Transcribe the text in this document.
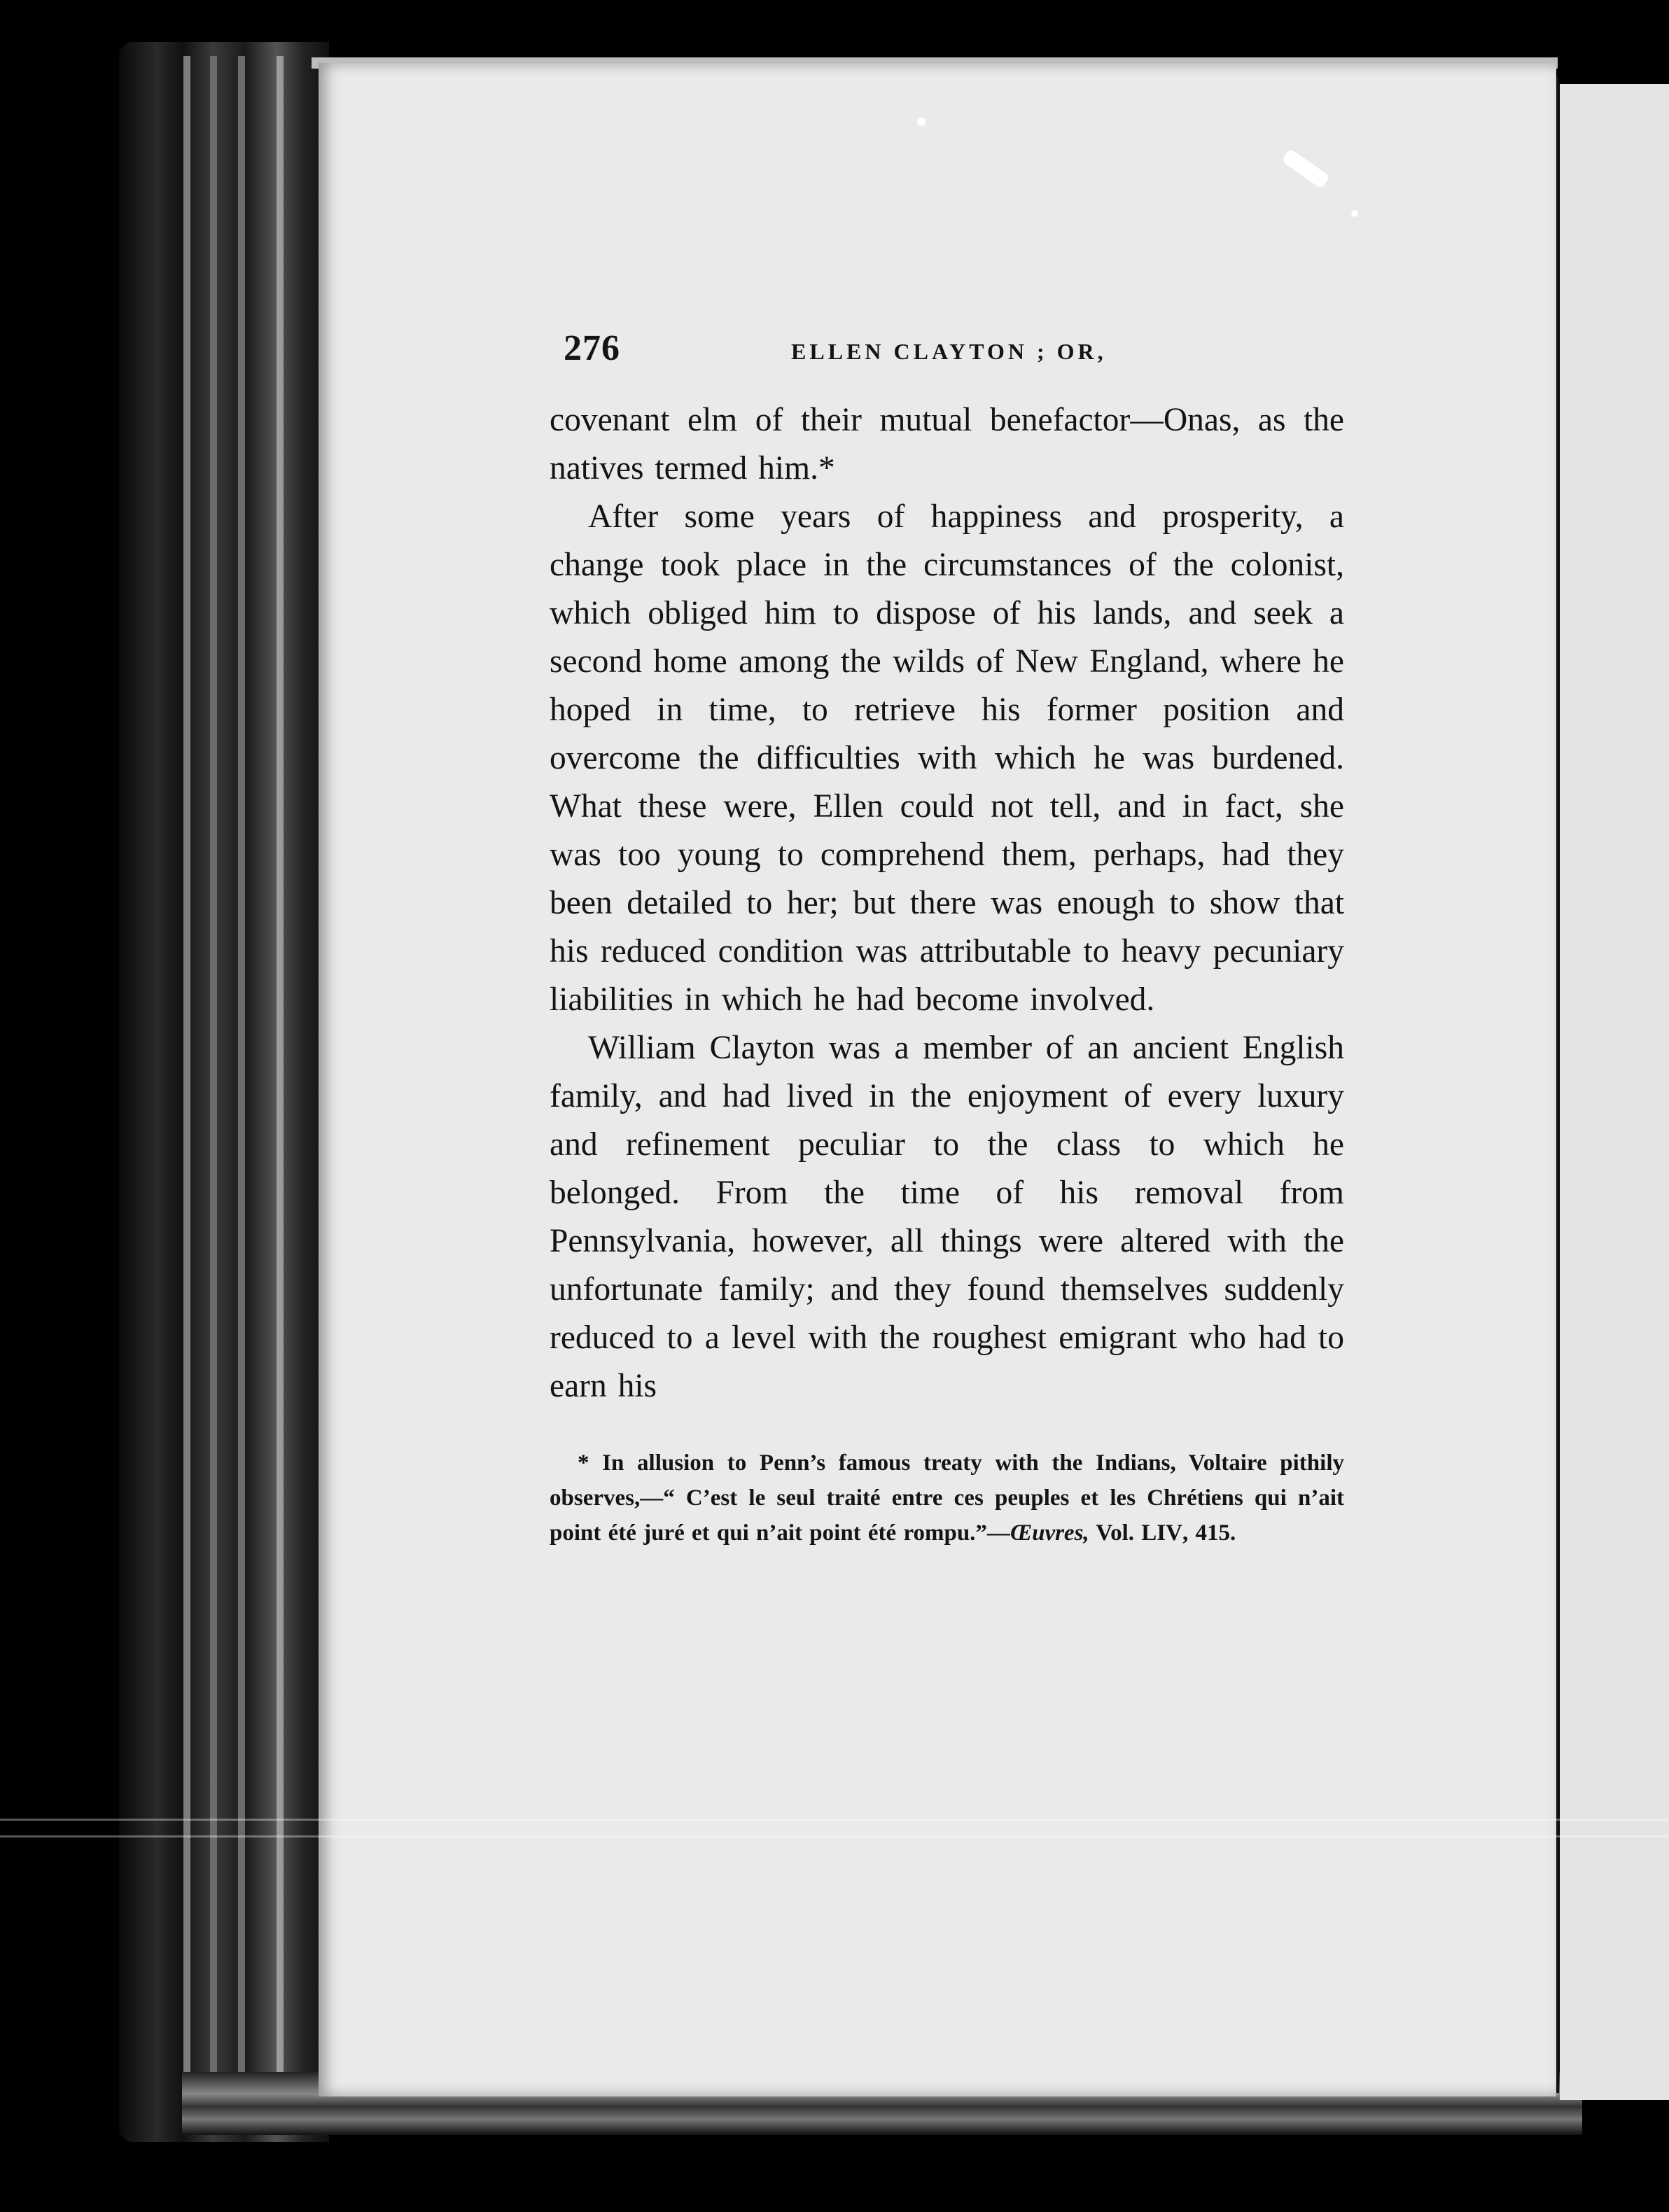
276	ELLEN CLAYTON ; OR,

covenant elm of their mutual benefactor—Onas, as the natives termed him.*

After some years of happiness and prosperity, a change took place in the circumstances of the colonist, which obliged him to dispose of his lands, and seek a second home among the wilds of New England, where he hoped in time, to retrieve his former position and overcome the difficulties with which he was burdened. What these were, Ellen could not tell, and in fact, she was too young to comprehend them, perhaps, had they been detailed to her; but there was enough to show that his reduced condition was attributable to heavy pecuniary liabilities in which he had become involved.

William Clayton was a member of an ancient English family, and had lived in the enjoyment of every luxury and refinement peculiar to the class to which he belonged. From the time of his removal from Pennsylvania, however, all things were altered with the unfortunate family; and they found themselves suddenly reduced to a level with the roughest emigrant who had to earn his

* In allusion to Penn’s famous treaty with the Indians, Voltaire pithily observes,—“ C’est le seul traité entre ces peuples et les Chrétiens qui n’ait point été juré et qui n’ait point été rompu.”—Œuvres, Vol. LIV, 415.
